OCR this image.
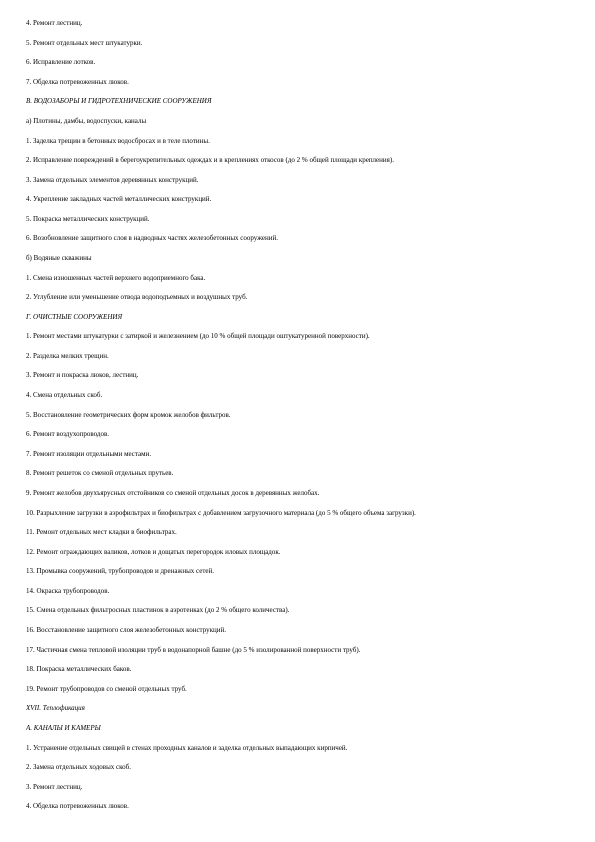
4. Ремонт лестниц.
5. Ремонт отдельных мест штукатурки.
6. Исправление лотков.
7. Обделка потревоженных люков.
В. ВОДОЗАБОРЫ И ГИДРОТЕХНИЧЕСКИЕ СООРУЖЕНИЯ
а) Плотины, дамбы, водоспуски, каналы
1. Заделка трещин в бетонных водосбросах и в теле плотины.
2. Исправление повреждений в берегоукрепительных одеждах и в креплениях откосов (до 2 % общей площади крепления).
3. Замена отдельных элементов деревянных конструкций.
4. Укрепление закладных частей металлических конструкций.
5. Покраска металлических конструкций.
6. Возобновление защитного слоя в надводных частях железобетонных сооружений.
б) Водяные скважины
1. Смена изношенных частей верхнего водоприемного бака.
2. Углубление или уменьшение отвода водоподъемных и воздушных труб.
Г. ОЧИСТНЫЕ СООРУЖЕНИЯ
1. Ремонт местами штукатурки с затиркой и железнением (до 10 % общей площади оштукатуренной поверхности).
2. Разделка мелких трещин.
3. Ремонт и покраска люков, лестниц.
4. Смена отдельных скоб.
5. Восстановление геометрических форм кромок желобов фильтров.
6. Ремонт воздухопроводов.
7. Ремонт изоляции отдельными местами.
8. Ремонт решеток со сменой отдельных прутьев.
9. Ремонт желобов двухъярусных отстойников со сменой отдельных досок в деревянных желобах.
10. Разрыхление загрузки в аэрофильтрах и биофильтрах с добавлением загрузочного материала (до 5 % общего объема загрузки).
11. Ремонт отдельных мест кладки в биофильтрах.
12. Ремонт ограждающих валиков, лотков и дощатых перегородок иловых площадок.
13. Промывка сооружений, трубопроводов и дренажных сетей.
14. Окраска трубопроводов.
15. Смена отдельных фильтросных пластинок в аэротенках (до 2 % общего количества).
16. Восстановление защитного слоя железобетонных конструкций.
17. Частичная смена тепловой изоляции труб в водонапорной башне (до 5 % изолированной поверхности труб).
18. Покраска металлических баков.
19. Ремонт трубопроводов со сменой отдельных труб.
XVII. Теплофикация
А. КАНАЛЫ И КАМЕРЫ
1. Устранение отдельных свищей в стенах проходных каналов и заделка отдельных выпадающих кирпичей.
2. Замена отдельных ходовых скоб.
3. Ремонт лестниц.
4. Обделка потревоженных люков.
